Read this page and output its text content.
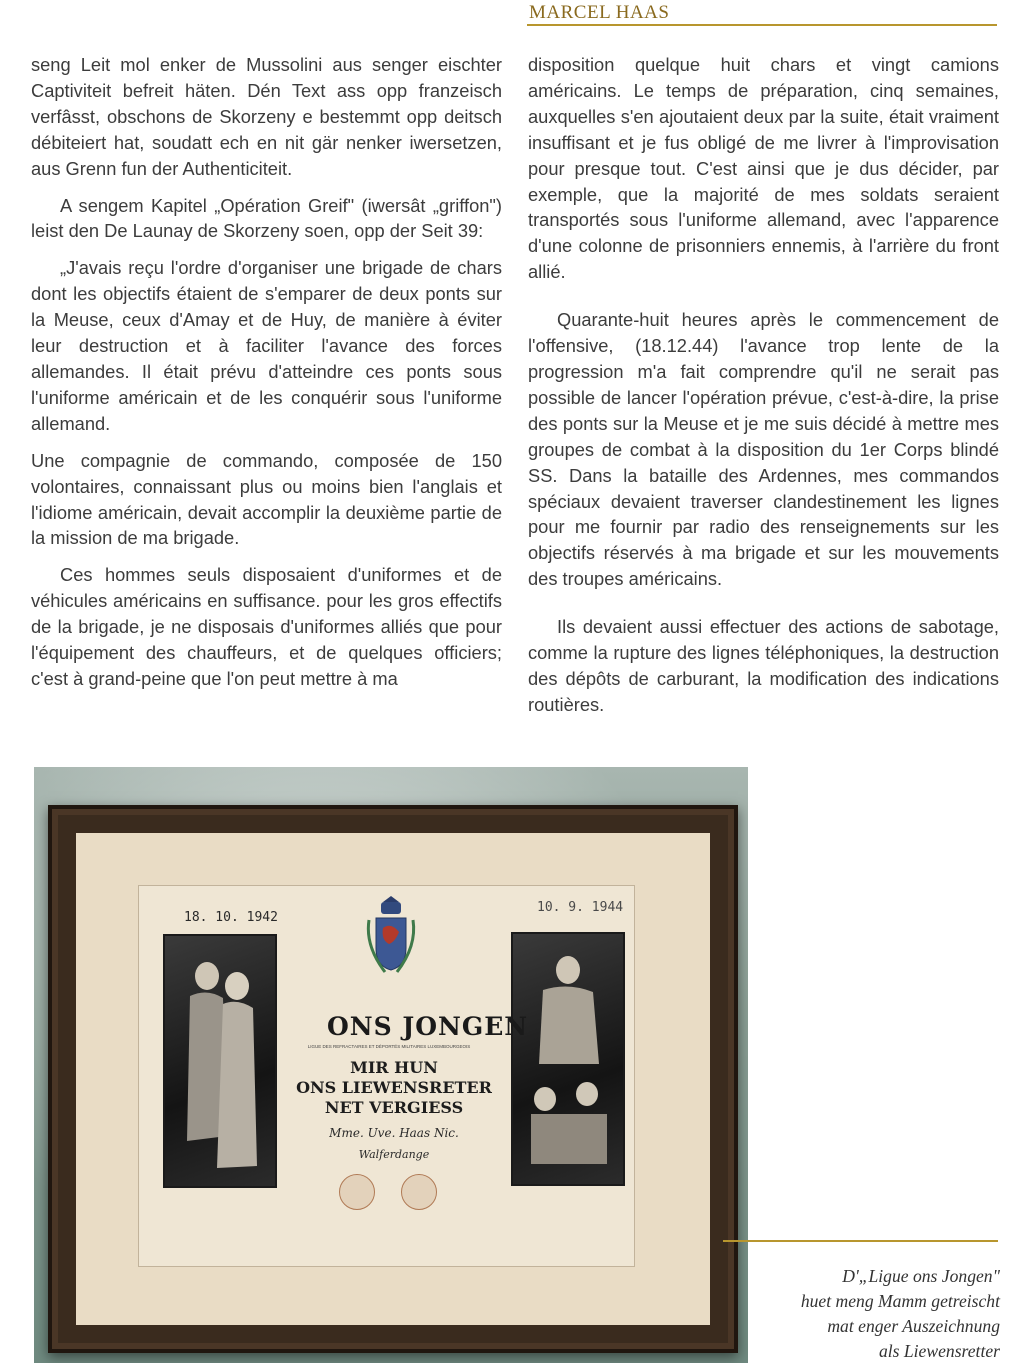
MARCEL HAAS

seng Leit mol enker de Mussolini aus senger eischter Captiviteit befreit häten. Dén Text ass opp franzeisch verfâsst, obschons de Skorzeny e bestemmt opp deitsch débiteiert hat, soudatt ech en nit gär nenker iwersetzen, aus Grenn fun der Authenticiteit.

A sengem Kapitel „Opération Greif" (iwersât „griffon") leist den De Launay de Skorzeny soen, opp der Seit 39:

„J'avais reçu l'ordre d'organiser une brigade de chars dont les objectifs étaient de s'emparer de deux ponts sur la Meuse, ceux d'Amay et de Huy, de manière à éviter leur destruction et à faciliter l'avance des forces allemandes. Il était prévu d'atteindre ces ponts sous l'uniforme américain et de les conquérir sous l'uniforme allemand.

Une compagnie de commando, composée de 150 volontaires, connaissant plus ou moins bien l'anglais et l'idiome américain, devait accomplir la deuxième partie de la mission de ma brigade.

Ces hommes seuls disposaient d'uniformes et de véhicules américains en suffisance. pour les gros effectifs de la brigade, je ne disposais d'uniformes alliés que pour l'équipement des chauffeurs, et de quelques officiers; c'est à grand-peine que l'on peut mettre à ma

disposition quelque huit chars et vingt camions américains. Le temps de préparation, cinq semaines, auxquelles s'en ajoutaient deux par la suite, était vraiment insuffisant et je fus obligé de me livrer à l'improvisation pour presque tout. C'est ainsi que je dus décider, par exemple, que la majorité de mes soldats seraient transportés sous l'uniforme allemand, avec l'apparence d'une colonne de prisonniers ennemis, à l'arrière du front allié.

Quarante-huit heures après le commencement de l'offensive, (18.12.44) l'avance trop lente de la progression m'a fait comprendre qu'il ne serait pas possible de lancer l'opération prévue, c'est-à-dire, la prise des ponts sur la Meuse et je me suis décidé à mettre mes groupes de combat à la disposition du 1er Corps blindé SS. Dans la bataille des Ardennes, mes commandos spéciaux devaient traverser clandestinement les lignes pour me fournir par radio des renseignements sur les objectifs réservés à ma brigade et sur les mouvements des troupes américains.

Ils devaient aussi effectuer des actions de sabotage, comme la rupture des lignes téléphoniques, la destruction des dépôts de carburant, la modification des indications routières.

18. 10. 1942
10. 9. 1944
ONS JONGEN
LIGUE DES REFRACTAIRES ET DÉPORTÉS MILITAIRES LUXEMBOURGEOIS
MIR HUN
ONS LIEWENSRETER
NET VERGIESS
Mme. Uve. Haas Nic.
Walferdange
D'„Ligue ons Jongen"
huet meng Mamm getreischt
mat enger Auszeichnung
als Liewensretter
